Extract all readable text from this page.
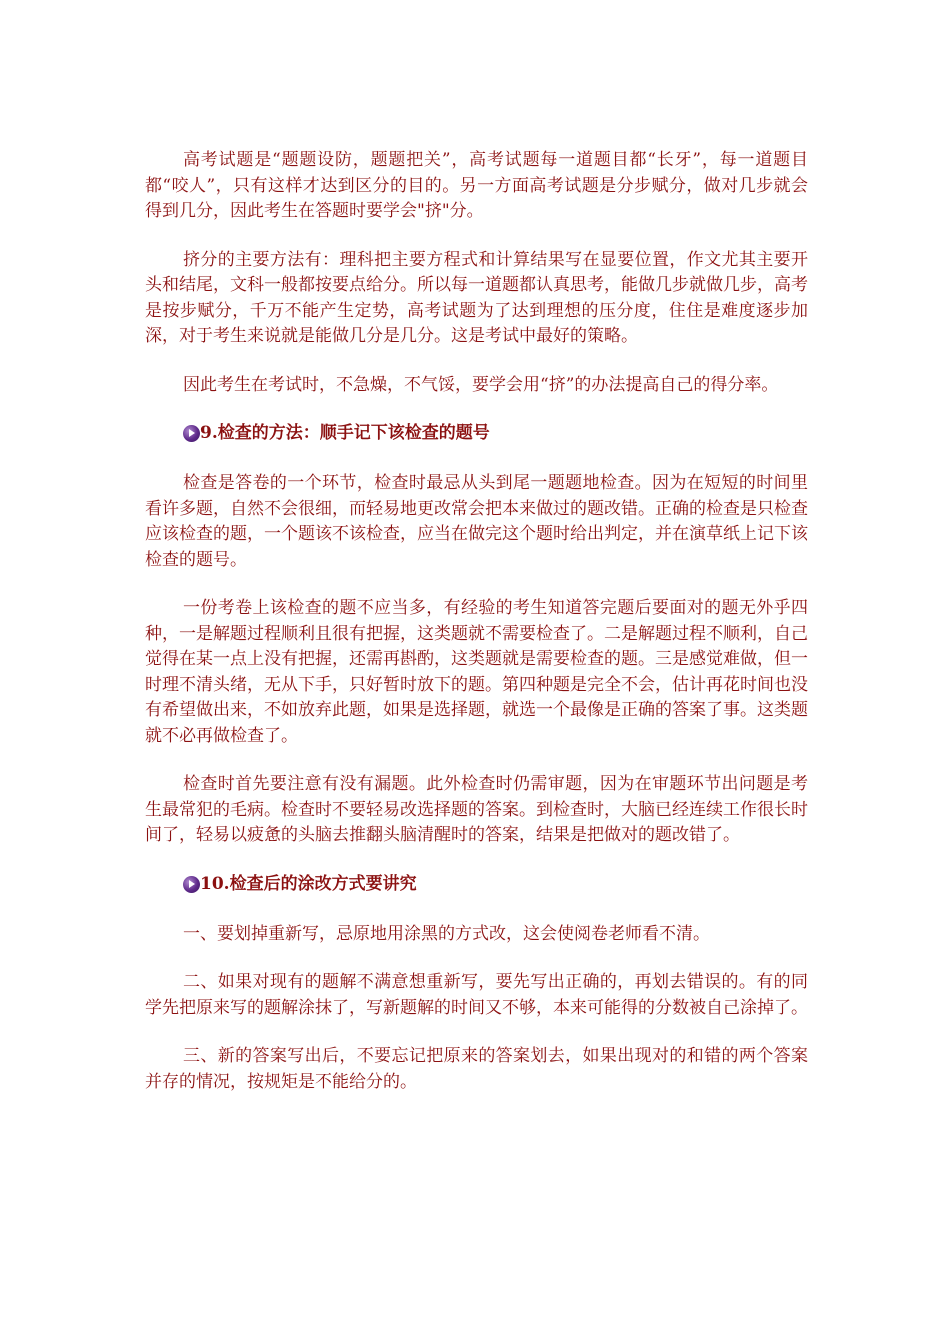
高考试题是“题题设防，题题把关”，高考试题每一道题目都“长牙”，每一道题目都“咬人”，只有这样才达到区分的目的。另一方面高考试题是分步赋分，做对几步就会得到几分，因此考生在答题时要学会"挤"分。

挤分的主要方法有：理科把主要方程式和计算结果写在显要位置，作文尤其主要开头和结尾，文科一般都按要点给分。所以每一道题都认真思考，能做几步就做几步，高考是按步赋分，千万不能产生定势，高考试题为了达到理想的压分度，住住是难度逐步加深，对于考生来说就是能做几分是几分。这是考试中最好的策略。

因此考生在考试时，不急燥，不气馁，要学会用“挤”的办法提高自己的得分率。

9.检查的方法：顺手记下该检查的题号

检查是答卷的一个环节，检查时最忌从头到尾一题题地检查。因为在短短的时间里看许多题，自然不会很细，而轻易地更改常会把本来做过的题改错。正确的检查是只检查应该检查的题，一个题该不该检查，应当在做完这个题时给出判定，并在演草纸上记下该检查的题号。

一份考卷上该检查的题不应当多，有经验的考生知道答完题后要面对的题无外乎四种，一是解题过程顺利且很有把握，这类题就不需要检查了。二是解题过程不顺利，自己觉得在某一点上没有把握，还需再斟酌，这类题就是需要检查的题。三是感觉难做，但一时理不清头绪，无从下手，只好暂时放下的题。第四种题是完全不会，估计再花时间也没有希望做出来，不如放弃此题，如果是选择题，就选一个最像是正确的答案了事。这类题就不必再做检查了。

检查时首先要注意有没有漏题。此外检查时仍需审题，因为在审题环节出问题是考生最常犯的毛病。检查时不要轻易改选择题的答案。到检查时，大脑已经连续工作很长时间了，轻易以疲惫的头脑去推翻头脑清醒时的答案，结果是把做对的题改错了。

10.检查后的涂改方式要讲究

一、要划掉重新写，忌原地用涂黑的方式改，这会使阅卷老师看不清。

二、如果对现有的题解不满意想重新写，要先写出正确的，再划去错误的。有的同学先把原来写的题解涂抹了，写新题解的时间又不够，本来可能得的分数被自己涂掉了。

三、新的答案写出后，不要忘记把原来的答案划去，如果出现对的和错的两个答案并存的情况，按规矩是不能给分的。
